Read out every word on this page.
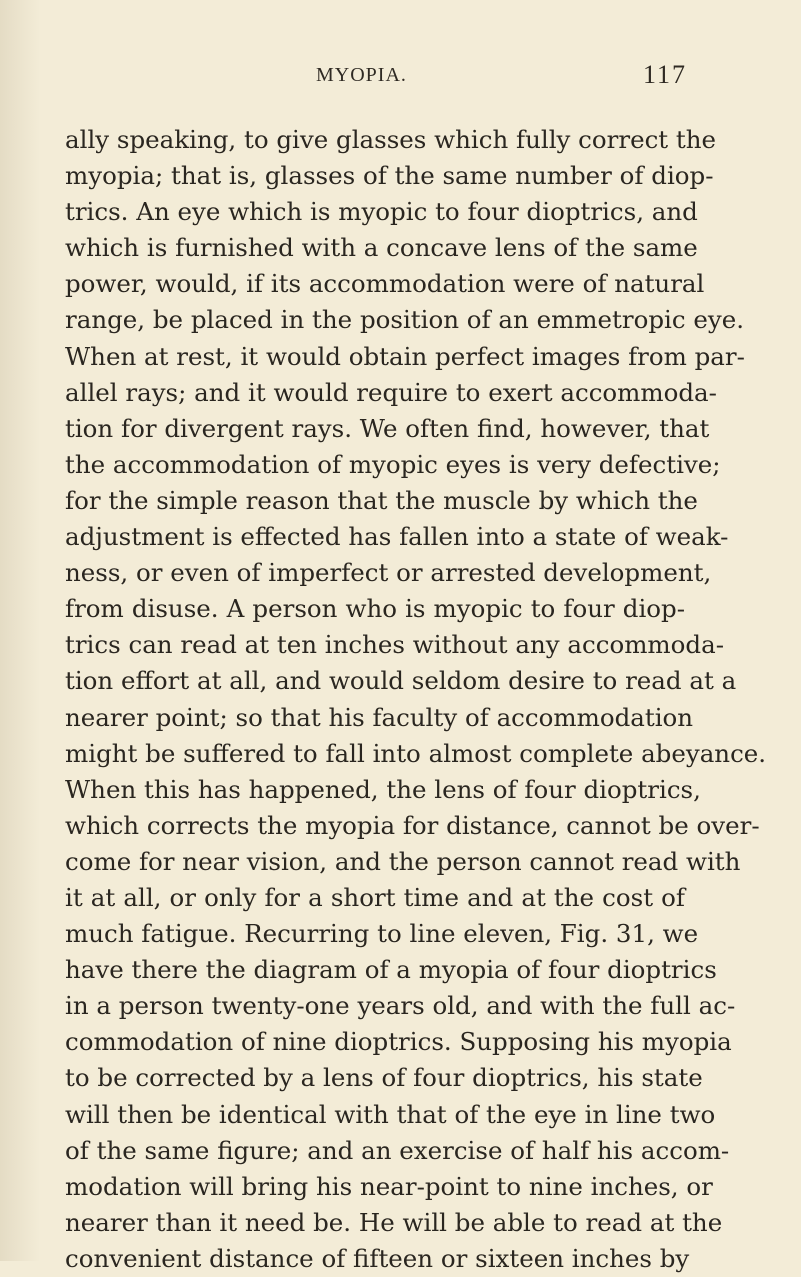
MYOPIA.	117
ally speaking, to give glasses which fully correct the
myopia; that is, glasses of the same number of diop-
trics. An eye which is myopic to four dioptrics, and
which is furnished with a concave lens of the same
power, would, if its accommodation were of natural
range, be placed in the position of an emmetropic eye.
When at rest, it would obtain perfect images from par-
allel rays; and it would require to exert accommoda-
tion for divergent rays. We often find, however, that
the accommodation of myopic eyes is very defective;
for the simple reason that the muscle by which the
adjustment is effected has fallen into a state of weak-
ness, or even of imperfect or arrested development,
from disuse. A person who is myopic to four diop-
trics can read at ten inches without any accommoda-
tion effort at all, and would seldom desire to read at a
nearer point; so that his faculty of accommodation
might be suffered to fall into almost complete abeyance.
When this has happened, the lens of four dioptrics,
which corrects the myopia for distance, cannot be over-
come for near vision, and the person cannot read with
it at all, or only for a short time and at the cost of
much fatigue. Recurring to line eleven, Fig. 31, we
have there the diagram of a myopia of four dioptrics
in a person twenty-one years old, and with the full ac-
commodation of nine dioptrics. Supposing his myopia
to be corrected by a lens of four dioptrics, his state
will then be identical with that of the eye in line two
of the same figure; and an exercise of half his accom-
modation will bring his near-point to nine inches, or
nearer than it need be. He will be able to read at the
convenient distance of fifteen or sixteen inches by
